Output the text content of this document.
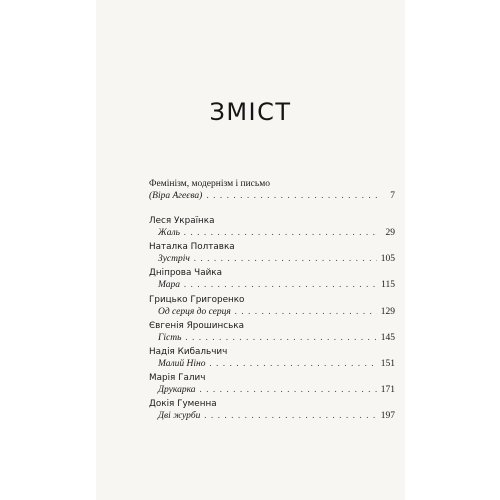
ЗМІСТ
Фемінізм, модернізм і письмо
(Віра Агеєва) . . .	7
Леся Українка
Жаль . . .	29
Наталка Полтавка
Зустріч . . .	105
Дніпрова Чайка
Мара . . .	115
Грицько Григоренко
Од серця до серця . . .	129
Євгенія Ярошинська
Гість . . .	145
Надія Кибальчич
Малий Ніно . . .	151
Марія Галич
Друкарка . . .	171
Докія Гуменна
Дві журби . . .	197
